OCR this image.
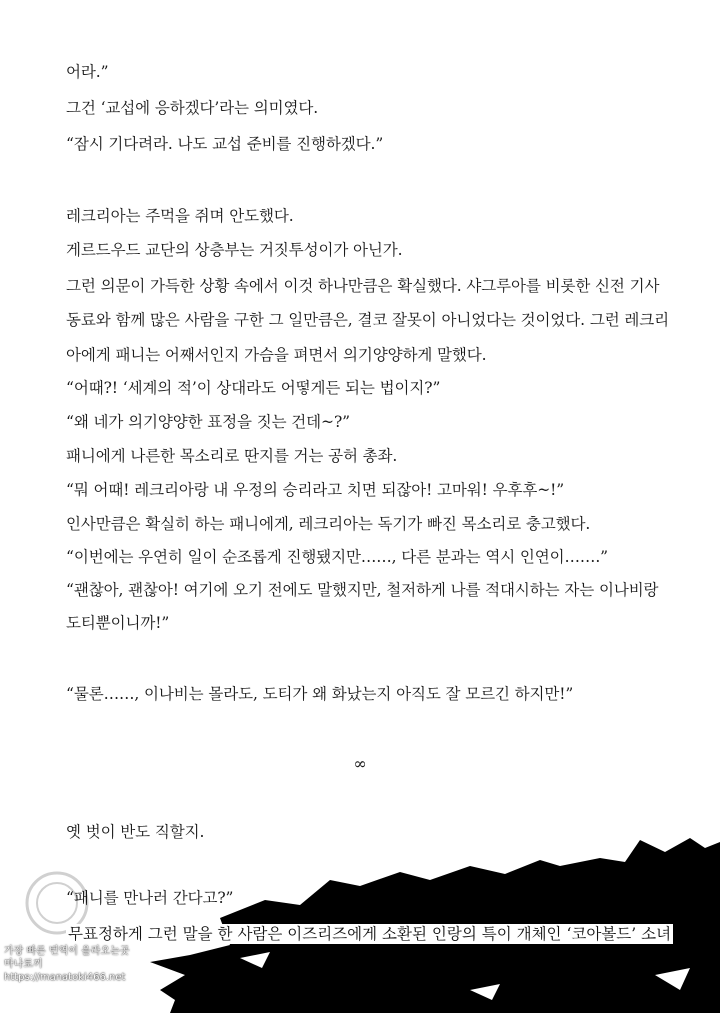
어라.”
그건 ‘교섭에 응하겠다’라는 의미였다.
“잠시 기다려라. 나도 교섭 준비를 진행하겠다.”
레크리아는 주먹을 쥐며 안도했다.
게르드우드 교단의 상층부는 거짓투성이가 아닌가.
그런 의문이 가득한 상황 속에서 이것 하나만큼은 확실했다. 샤그루아를 비롯한 신전 기사
동료와 함께 많은 사람을 구한 그 일만큼은, 결코 잘못이 아니었다는 것이었다. 그런 레크리
아에게 패니는 어째서인지 가슴을 펴면서 의기양양하게 말했다.
“어때?! ‘세계의 적’이 상대라도 어떻게든 되는 법이지?”
“왜 네가 의기양양한 표정을 짓는 건데~?”
패니에게 나른한 목소리로 딴지를 거는 공허 총좌.
“뭐 어때! 레크리아랑 내 우정의 승리라고 치면 되잖아! 고마워! 우후후~!”
인사만큼은 확실히 하는 패니에게, 레크리아는 독기가 빠진 목소리로 충고했다.
“이번에는 우연히 일이 순조롭게 진행됐지만……, 다른 분과는 역시 인연이…….”
“괜찮아, 괜찮아! 여기에 오기 전에도 말했지만, 철저하게 나를 적대시하는 자는 이나비랑
도티뿐이니까!”
“물론……, 이나비는 몰라도, 도티가 왜 화났는지 아직도 잘 모르긴 하지만!”
∞
옛 벗이 반도 직할지.
“패니를 만나러 간다고?”
무표정하게 그런 말을 한 사람은 이즈리즈에게 소환된 인랑의 특이 개체인 ‘코아볼드’ 소녀
가장 빠른 번역이 올라오는곳
마나토끼
https://manatoki466.net
